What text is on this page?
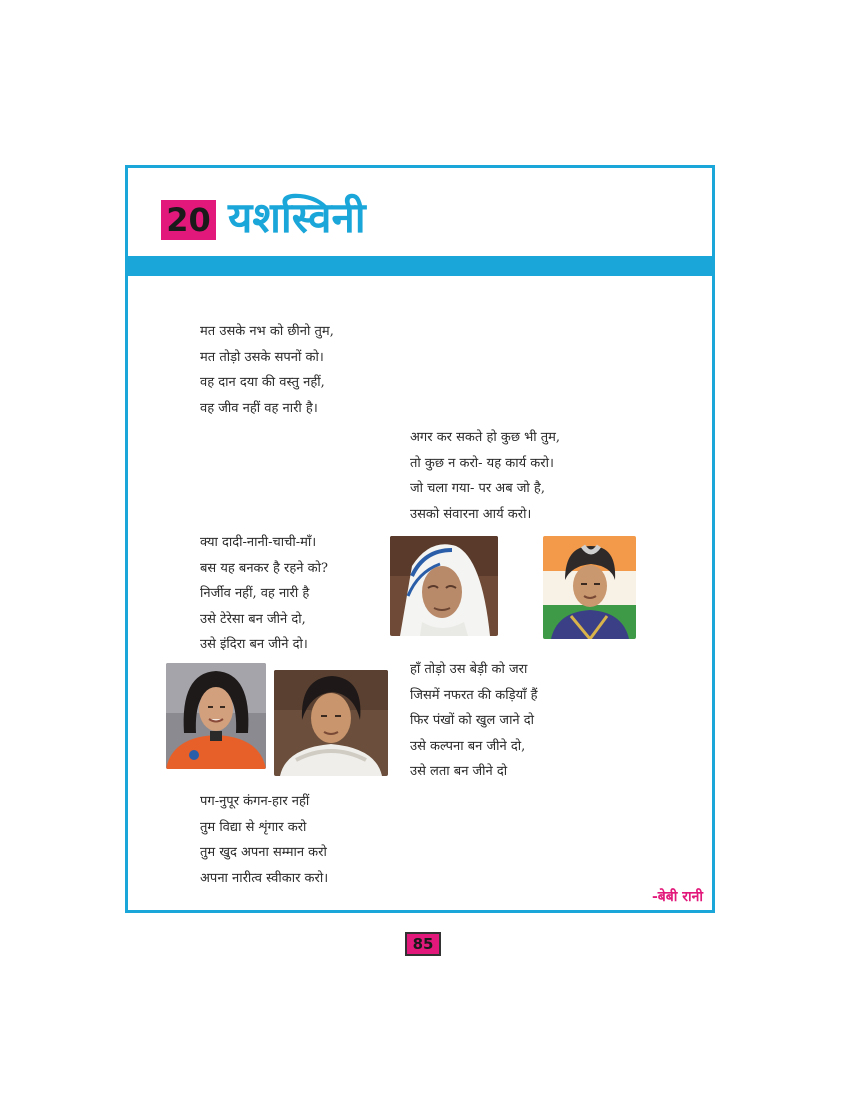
20 यशस्विनी
मत उसके नभ को छीनो तुम,
मत तोड़ो उसके सपनों को।
वह दान दया की वस्तु नहीं,
वह जीव नहीं वह नारी है।
अगर कर सकते हो कुछ भी तुम,
तो कुछ न करो- यह कार्य करो।
जो चला गया- पर अब जो है,
उसको संवारना आर्य करो।
क्या दादी-नानी-चाची-माँ।
बस यह बनकर है रहने को?
निर्जीव नहीं, वह नारी है
उसे टेरेसा बन जीने दो,
उसे इंदिरा बन जीने दो।
हाँ तोड़ो उस बेड़ी को जरा
जिसमें नफरत की कड़ियाँ हैं
फिर पंखों को खुल जाने दो
उसे कल्पना बन जीने दो,
उसे लता बन जीने दो
पग-नुपूर कंगन-हार नहीं
तुम विद्या से शृंगार करो
तुम खुद अपना सम्मान करो
अपना नारीत्व स्वीकार करो।
-बेबी रानी
85
